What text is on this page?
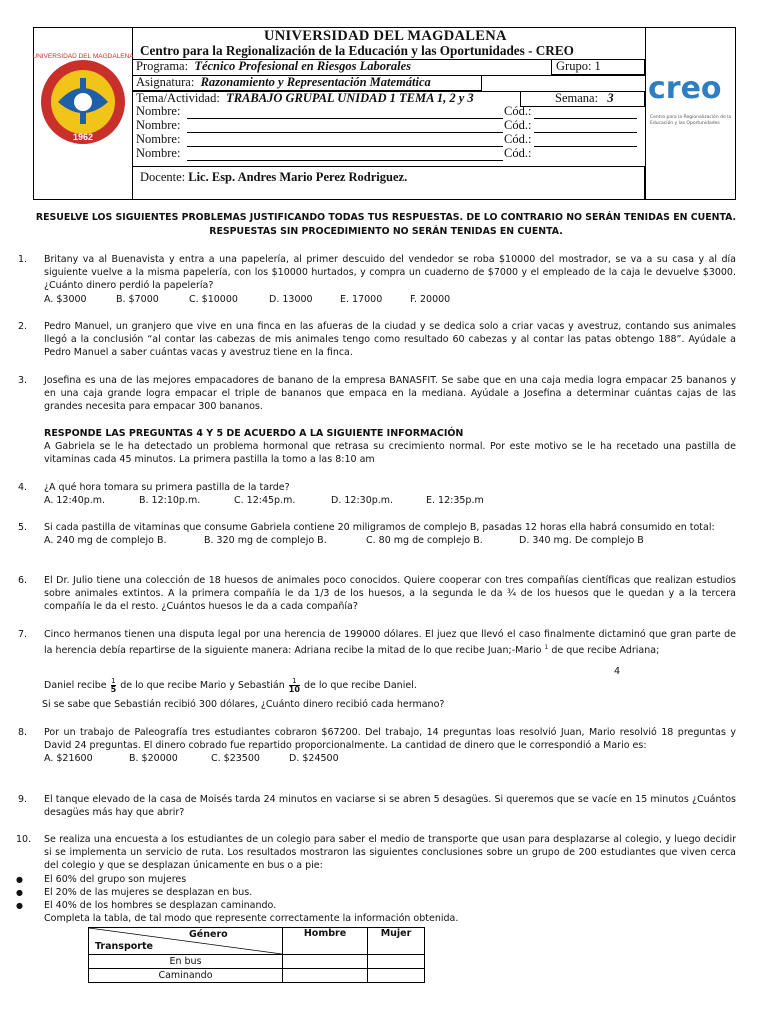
UNIVERSIDAD DEL MAGDALENA
1962
creo
Centro para la Regionalización de la
Educación y las Oportunidades
UNIVERSIDAD DEL MAGDALENA
Centro para la Regionalización de la Educación y las Oportunidades - CREO
Programa: Técnico Profesional en Riesgos Laborales	Grupo: 1
Asignatura: Razonamiento y Representación Matemática
Tema/Actividad: TRABAJO GRUPAL UNIDAD 1 TEMA 1, 2 y 3	Semana: 3
Nombre:	Cód.:
Nombre:	Cód.:
Nombre:	Cód.:
Nombre:	Cód.:
Docente: Lic. Esp. Andres Mario Perez Rodriguez.
RESUELVE LOS SIGUIENTES PROBLEMAS JUSTIFICANDO TODAS TUS RESPUESTAS. DE LO CONTRARIO NO SERÁN TENIDAS EN CUENTA.
RESPUESTAS SIN PROCEDIMIENTO NO SERÁN TENIDAS EN CUENTA.
1. Britany va al Buenavista y entra a una papelería, al primer descuido del vendedor se roba $10000 del mostrador, se va a su casa y al día siguiente vuelve a la misma papelería, con los $10000 hurtados, y compra un cuaderno de $7000 y el empleado de la caja le devuelve $3000. ¿Cuánto dinero perdió la papelería?
A. $3000	B. $7000	C. $10000	D. 13000	E. 17000	F. 20000
2. Pedro Manuel, un granjero que vive en una finca en las afueras de la ciudad y se dedica solo a criar vacas y avestruz, contando sus animales llegó a la conclusión “al contar las cabezas de mis animales tengo como resultado 60 cabezas y al contar las patas obtengo 188”. Ayúdale a Pedro Manuel a saber cuántas vacas y avestruz tiene en la finca.
3. Josefina es una de las mejores empacadores de banano de la empresa BANASFIT. Se sabe que en una caja media logra empacar 25 bananos y en una caja grande logra empacar el triple de bananos que empaca en la mediana. Ayúdale a Josefina a determinar cuántas cajas de las grandes necesita para empacar 300 bananos.
RESPONDE LAS PREGUNTAS 4 Y 5 DE ACUERDO A LA SIGUIENTE INFORMACIÓN
A Gabriela se le ha detectado un problema hormonal que retrasa su crecimiento normal. Por este motivo se le ha recetado una pastilla de vitaminas cada 45 minutos. La primera pastilla la tomo a las 8:10 am
4. ¿A qué hora tomara su primera pastilla de la tarde?
A. 12:40p.m.	B. 12:10p.m.	C. 12:45p.m.	D. 12:30p.m.	E. 12:35p.m
5. Si cada pastilla de vitaminas que consume Gabriela contiene 20 miligramos de complejo B, pasadas 12 horas ella habrá consumido en total:
A. 240 mg de complejo B.	B. 320 mg de complejo B.	C. 80 mg de complejo B.	D. 340 mg. De complejo B
6. El Dr. Julio tiene una colección de 18 huesos de animales poco conocidos. Quiere cooperar con tres compañías científicas que realizan estudios sobre animales extintos. A la primera compañía le da 1/3 de los huesos, a la segunda le da ¾ de los huesos que le quedan y a la tercera compañía le da el resto. ¿Cuántos huesos le da a cada compañía?
7. Cinco hermanos tienen una disputa legal por una herencia de 199000 dólares. El juez que llevó el caso finalmente dictaminó que gran parte de la herencia debía repartirse de la siguiente manera: Adriana recibe la mitad de lo que recibe Juan;-Mario $^1$ de que recibe Adriana;
4
Daniel recibe $\frac{1}{5}$ de lo que recibe Mario y Sebastián $\frac{1}{10}$ de lo que recibe Daniel.
Si se sabe que Sebastián recibió 300 dólares, ¿Cuánto dinero recibió cada hermano?
8. Por un trabajo de Paleografía tres estudiantes cobraron $67200. Del trabajo, 14 preguntas loas resolvió Juan, Mario resolvió 18 preguntas y David 24 preguntas. El dinero cobrado fue repartido proporcionalmente. La cantidad de dinero que le correspondió a Mario es:
A. $21600	B. $20000	C. $23500	D. $24500
9. El tanque elevado de la casa de Moisés tarda 24 minutos en vaciarse si se abren 5 desagües. Si queremos que se vacíe en 15 minutos ¿Cuántos desagües más hay que abrir?
10. Se realiza una encuesta a los estudiantes de un colegio para saber el medio de transporte que usan para desplazarse al colegio, y luego decidir si se implementa un servicio de ruta. Los resultados mostraron las siguientes conclusiones sobre un grupo de 200 estudiantes que viven cerca del colegio y que se desplazan únicamente en bus o a pie:
● El 60% del grupo son mujeres
● El 20% de las mujeres se desplazan en bus.
● El 40% de los hombres se desplazan caminando.
Completa la tabla, de tal modo que represente correctamente la información obtenida.
Género
Transporte	Hombre	Mujer
En bus		
Caminando		
